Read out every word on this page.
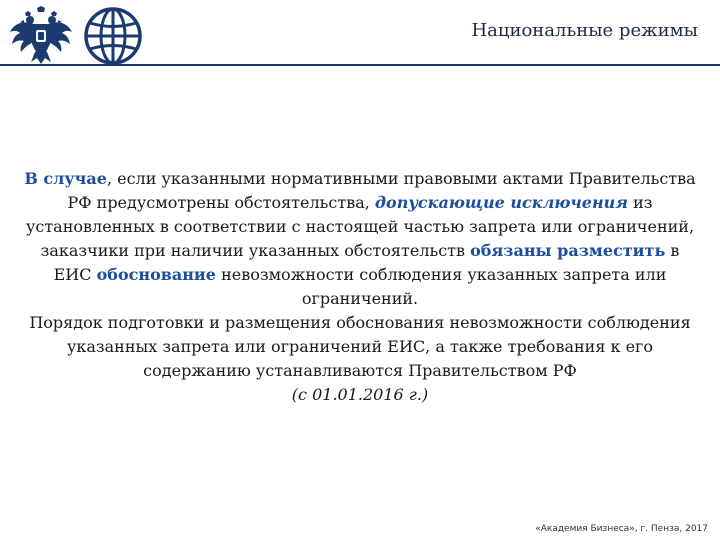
Национальные режимы
В случае, если указанными нормативными правовыми актами Правительства РФ предусмотрены обстоятельства, допускающие исключения из установленных в соответствии с настоящей частью запрета или ограничений, заказчики при наличии указанных обстоятельств обязаны разместить в ЕИС обоснование невозможности соблюдения указанных запрета или ограничений.
Порядок подготовки и размещения обоснования невозможности соблюдения указанных запрета или ограничений ЕИС, а также требования к его содержанию устанавливаются Правительством РФ
(с 01.01.2016 г.)
«Академия Бизнеса», г. Пенза, 2017
